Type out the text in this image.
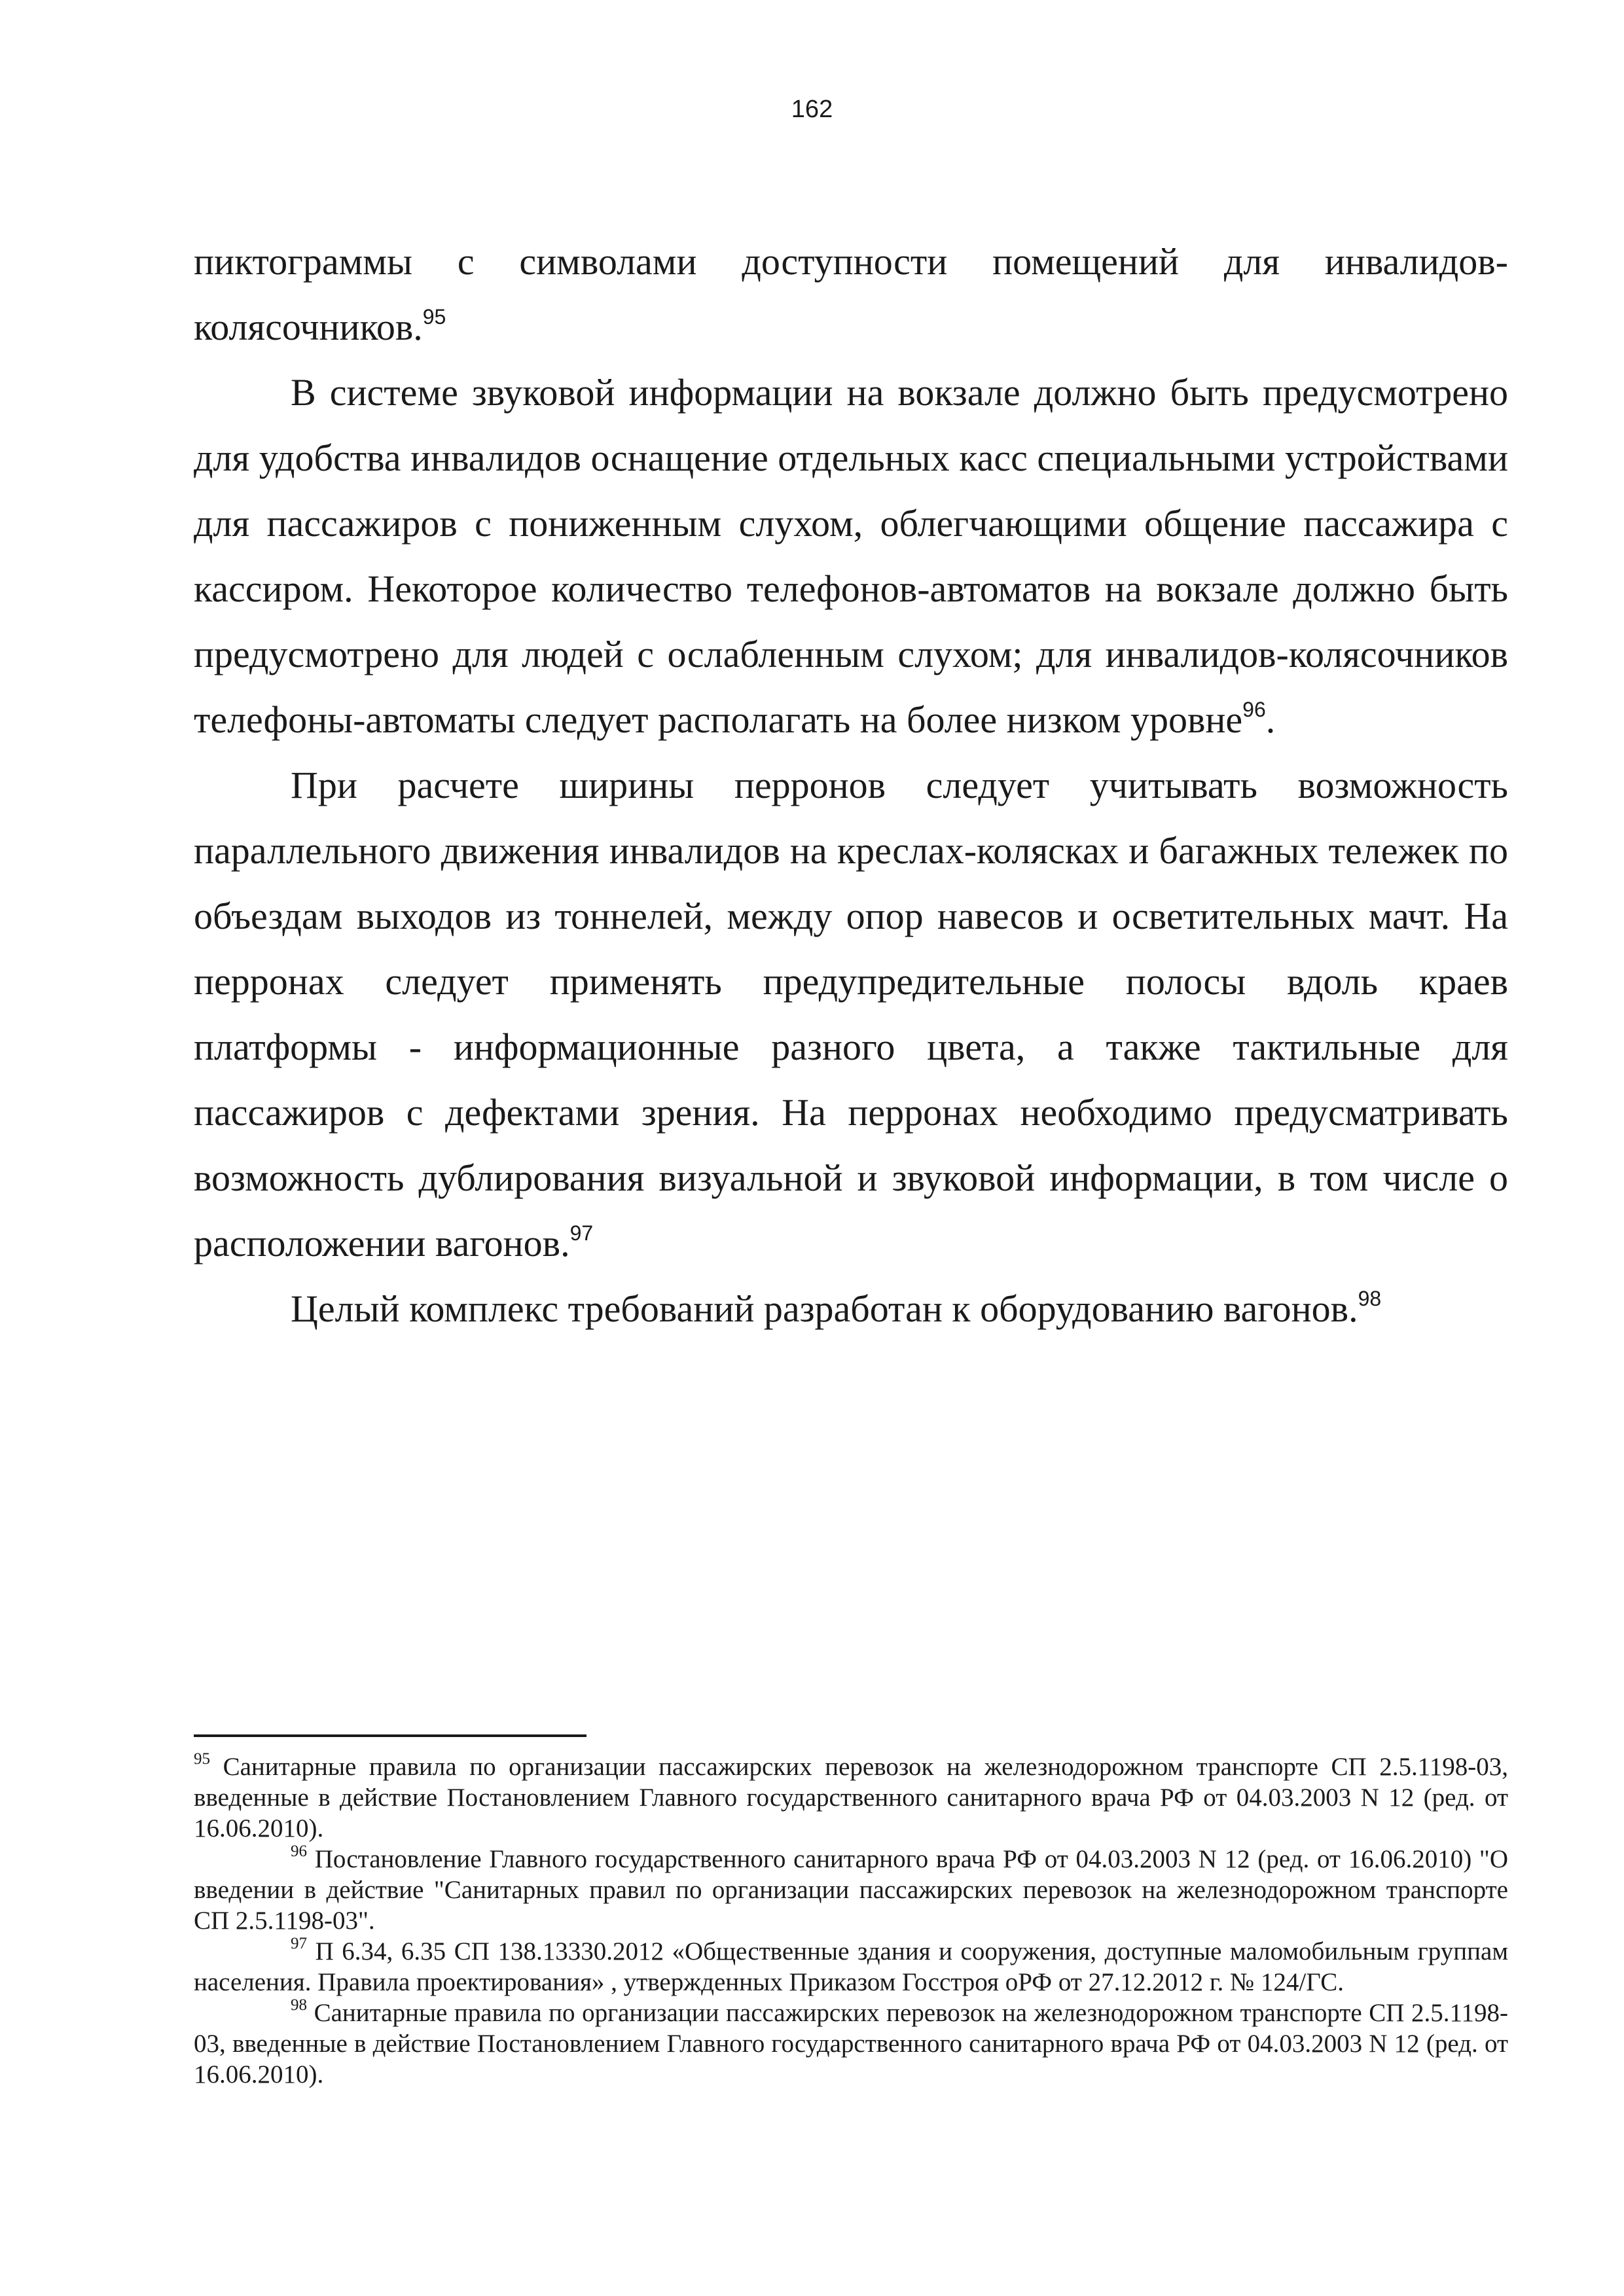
162

пиктограммы с символами доступности помещений для инвалидов-колясочников.$^{95}$

В системе звуковой информации на вокзале должно быть предусмотрено для удобства инвалидов оснащение отдельных касс специальными устройствами для пассажиров с пониженным слухом, облегчающими общение пассажира с кассиром. Некоторое количество телефонов-автоматов на вокзале должно быть предусмотрено для людей с ослабленным слухом; для инвалидов-колясочников телефоны-автоматы следует располагать на более низком уровне$^{96}$.

При расчете ширины перронов следует учитывать возможность параллельного движения инвалидов на креслах-колясках и багажных тележек по объездам выходов из тоннелей, между опор навесов и осветительных мачт. На перронах следует применять предупредительные полосы вдоль краев платформы - информационные разного цвета, а также тактильные для пассажиров с дефектами зрения. На перронах необходимо предусматривать возможность дублирования визуальной и звуковой информации, в том числе о расположении вагонов.$^{97}$

Целый комплекс требований разработан к оборудованию вагонов.$^{98}$

$^{95}$ Санитарные правила по организации пассажирских перевозок на железнодорожном транспорте СП 2.5.1198-03, введенные в действие Постановлением Главного государственного санитарного врача РФ от 04.03.2003 N 12 (ред. от 16.06.2010).

$^{96}$ Постановление Главного государственного санитарного врача РФ от 04.03.2003 N 12 (ред. от 16.06.2010) "О введении в действие "Санитарных правил по организации пассажирских перевозок на железнодорожном транспорте СП 2.5.1198-03".

$^{97}$ П 6.34, 6.35 СП 138.13330.2012 «Общественные здания и сооружения, доступные маломобильным группам населения. Правила проектирования» , утвержденных Приказом Госстроя оРФ от 27.12.2012 г. № 124/ГС.

$^{98}$ Санитарные правила по организации пассажирских перевозок на железнодорожном транспорте СП 2.5.1198-03, введенные в действие Постановлением Главного государственного санитарного врача РФ от 04.03.2003 N 12 (ред. от 16.06.2010).
